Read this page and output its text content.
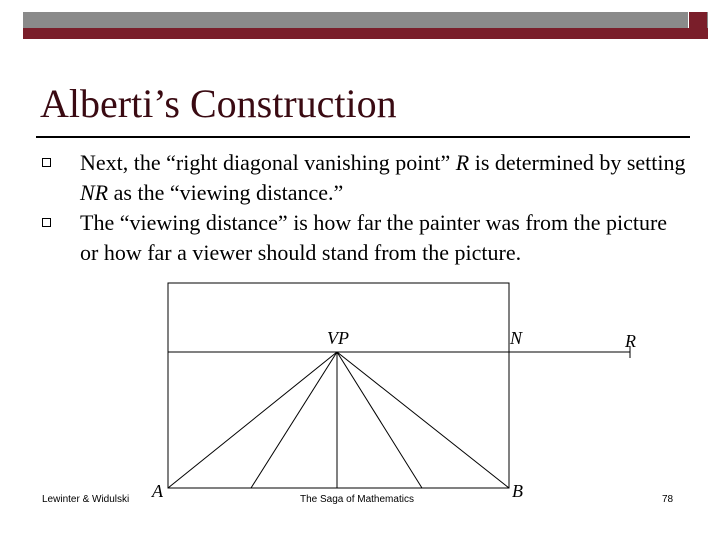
Alberti’s Construction
Next, the “right diagonal vanishing point” R is determined by setting NR as the “viewing distance.”
The “viewing distance” is how far the painter was from the picture or how far a viewer should stand from the picture.
VP	N	R
A	B
Lewinter & Widulski	The Saga of Mathematics	78
